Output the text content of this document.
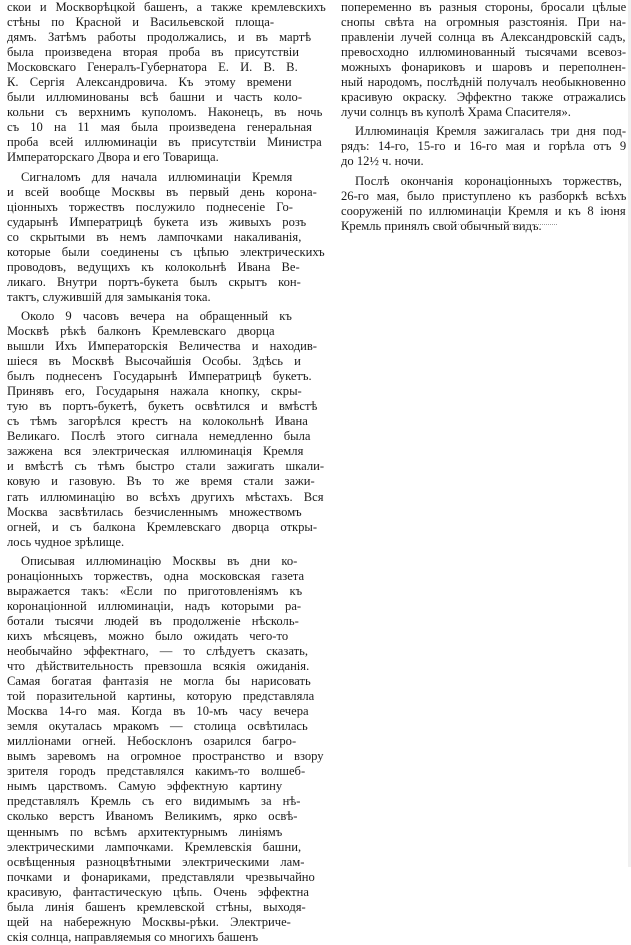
скои и Москворѣцкой башенъ, а также кремлевскихъ
стѣны по Красной и Васильевской площа-
дямъ. Затѣмъ работы продолжались, и въ мартѣ
была произведена вторая проба въ присутствіи
Московскаго Генералъ-Губернатора Е. И. В. В.
К. Сергія Александровича. Къ этому времени
были иллюминованы всѣ башни и часть коло-
кольни съ верхнимъ куполомъ. Наконецъ, въ ночь
съ 10 на 11 мая была произведена генеральная
проба всей иллюминаціи въ присутствіи Министра
Императорскаго Двора и его Товарища.
Сигналомъ для начала иллюминаціи Кремля
и всей вообще Москвы въ первый день корона-
ціонныхъ торжествъ послужило поднесеніе Го-
сударынѣ Императрицѣ букета изъ живыхъ розъ
со скрытыми въ немъ лампочками накаливанія,
которые были соединены съ цѣпью электрическихъ
проводовъ, ведущихъ къ колокольнѣ Ивана Ве-
ликаго. Внутри портъ-букета былъ скрытъ кон-
тактъ, служившій для замыканія тока.
Около 9 часовъ вечера на обращенный къ
Москвѣ рѣкѣ балконъ Кремлевскаго дворца
вышли Ихъ Императорскія Величества и находив-
шіеся въ Москвѣ Высочайшія Особы. Здѣсь и
былъ поднесенъ Государынѣ Императрицѣ букетъ.
Принявъ его, Государыня нажала кнопку, скры-
тую въ портъ-букетѣ, букетъ освѣтился и вмѣстѣ
съ тѣмъ загорѣлся крестъ на колокольнѣ Ивана
Великаго. Послѣ этого сигнала немедленно была
зажжена вся электрическая иллюминація Кремля
и вмѣстѣ съ тѣмъ быстро стали зажигать шкали-
ковую и газовую. Въ то же время стали зажи-
гать иллюминацію во всѣхъ другихъ мѣстахъ. Вся
Москва засвѣтилась безчисленнымъ множествомъ
огней, и съ балкона Кремлевскаго дворца откры-
лось чудное зрѣлище.
Описывая иллюминацію Москвы въ дни ко-
ронаціонныхъ торжествъ, одна московская газета
выражается такъ: «Если по приготовленіямъ къ
коронаціонной иллюминаціи, надъ которыми ра-
ботали тысячи людей въ продолженіе нѣсколь-
кихъ мѣсяцевъ, можно было ожидать чего-то
необычайно эффектнаго, — то слѣдуетъ сказать,
что дѣйствительность превзошла всякія ожиданія.
Самая богатая фантазія не могла бы нарисовать
той поразительной картины, которую представляла
Москва 14-го мая. Когда въ 10-мъ часу вечера
земля окуталась мракомъ — столица освѣтилась
милліонами огней. Небосклонъ озарился багро-
вымъ заревомъ на огромное пространство и взору
зрителя городъ представлялся какимъ-то волшеб-
нымъ царствомъ. Самую эффектную картину
представлялъ Кремль съ его видимымъ за нѣ-
сколько верстъ Иваномъ Великимъ, ярко освѣ-
щеннымъ по всѣмъ архитектурнымъ линіямъ
электрическими лампочками. Кремлевскія башни,
освѣщенныя разноцвѣтными электрическими лам-
почками и фонариками, представляли чрезвычайно
красивую, фантастическую цѣпь. Очень эффектна
была линія башенъ кремлевской стѣны, выходя-
щей на набережную Москвы-рѣки. Электриче-
скія солнца, направляемыя со многихъ башенъ
попеременно въ разныя стороны, бросали цѣлые
снопы свѣта на огромныя разстоянія. При на-
правленіи лучей солнца въ Александровскій садъ,
превосходно иллюминованный тысячами всевоз-
можныхъ фонариковъ и шаровъ и переполнен-
ный народомъ, послѣдній получалъ необыкновенно
красивую окраску. Эффектно также отражались
лучи солнцъ въ куполѣ Храма Спасителя».
Иллюминація Кремля зажигалась три дня под-
рядъ: 14-го, 15-го и 16-го мая и горѣла отъ 9
до 12½ ч. ночи.
Послѣ окончанія коронаціонныхъ торжествъ,
26-го мая, было приступлено къ разборкѣ всѣхъ
сооруженій по иллюминаціи Кремля и къ 8 іюня
Кремль принялъ свой обычный видъ.
